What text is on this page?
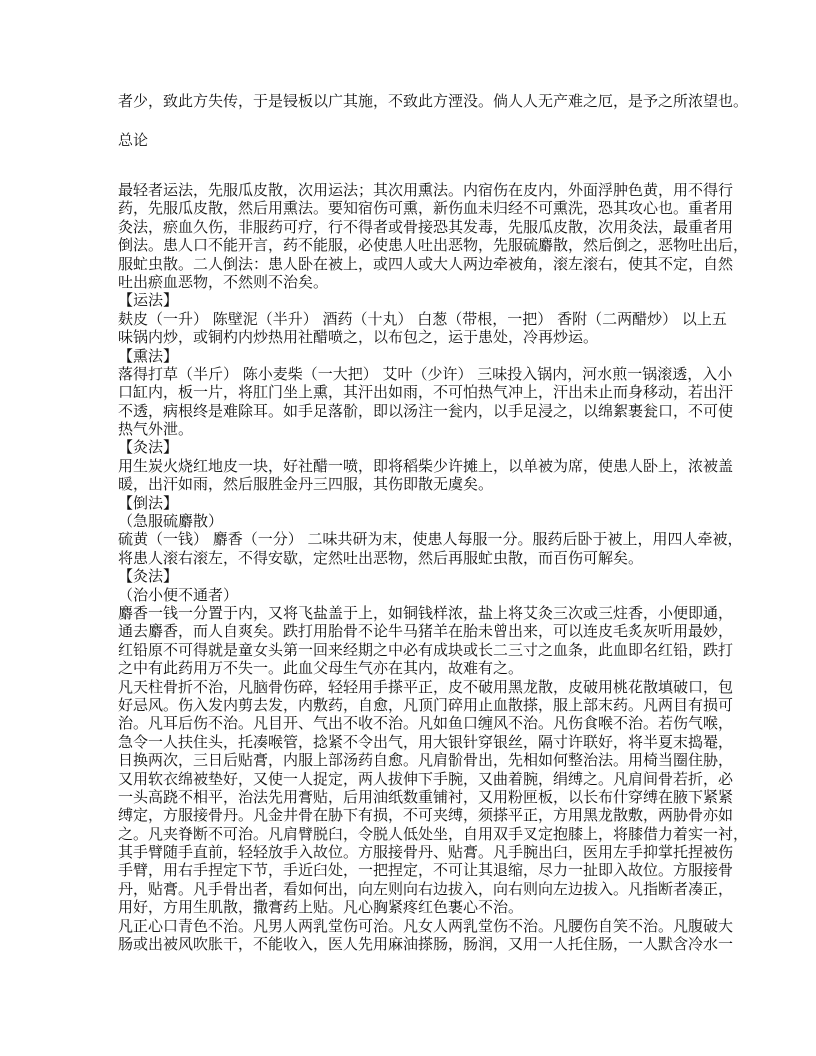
者少，致此方失传，于是锓板以广其施，不致此方湮没。倘人人无产难之厄，是予之所浓望也。
总论
最轻者运法，先服瓜皮散，次用运法；其次用熏法。内宿伤在皮内，外面浮肿色黄，用不得行
药，先服瓜皮散，然后用熏法。要知宿伤可熏，新伤血未归经不可熏洗，恐其攻心也。重者用
灸法，瘀血久伤，非服药可疗，行不得者或骨接恐其发毒，先服瓜皮散，次用灸法，最重者用
倒法。患人口不能开言，药不能服，必使患人吐出恶物，先服硫麝散，然后倒之，恶物吐出后，
服虻虫散。二人倒法：患人卧在被上，或四人或大人两边牵被角，滚左滚右，使其不定，自然
吐出瘀血恶物，不然则不治矣。
【运法】
麸皮（一升） 陈壁泥（半升） 酒药（十丸） 白葱（带根，一把） 香附（二两醋炒） 以上五
味锅内炒，或铜杓内炒热用社醋喷之，以布包之，运于患处，冷再炒运。
【熏法】
落得打草（半斤） 陈小麦柴（一大把） 艾叶（少许） 三味投入锅内，河水煎一锅滚透，入小
口缸内，板一片，将肛门坐上熏，其汗出如雨，不可怕热气冲上，汗出未止而身移动，若出汗
不透，病根终是难除耳。如手足落骱，即以汤注一瓮内，以手足浸之，以绵絮裹瓮口，不可使
热气外泄。
【灸法】
用生炭火烧红地皮一块，好社醋一喷，即将稻柴少许摊上，以单被为席，使患人卧上，浓被盖
暖，出汗如雨，然后服胜金丹三四服，其伤即散无虞矣。
【倒法】
（急服硫麝散）
硫黄（一钱） 麝香（一分） 二味共研为末，使患人每服一分。服药后卧于被上，用四人牵被，
将患人滚右滚左，不得安歇，定然吐出恶物，然后再服虻虫散，而百伤可解矣。
【灸法】
（治小便不通者）
麝香一钱一分置于内，又将飞盐盖于上，如铜钱样浓，盐上将艾灸三次或三炷香，小便即通，
通去麝香，而人自爽矣。跌打用胎骨不论牛马猪羊在胎未曾出来，可以连皮毛炙灰听用最妙，
红铅原不可得就是童女头第一回来经期之中必有成块或长二三寸之血条，此血即名红铅，跌打
之中有此药用万不失一。此血父母生气亦在其内，故难有之。
凡天柱骨折不治，凡脑骨伤碎，轻轻用手搽平正，皮不破用黑龙散，皮破用桃花散填破口，包
好忌风。伤入发内剪去发，内敷药，自愈，凡顶门碎用止血散搽，服上部末药。凡两目有损可
治。凡耳后伤不治。凡目开、气出不收不治。凡如鱼口缠风不治。凡伤食喉不治。若伤气喉，
急令一人扶住头，托凑喉管，捻紧不令出气，用大银针穿银丝，隔寸许联好，将半夏末捣罨，
日换两次，三日后贴膏，内服上部汤药自愈。凡肩骱骨出，先相如何整治法。用椅当圈住胁，
又用软衣绵被垫好，又使一人捉定，两人拔伸下手腕，又曲着腕，绢缚之。凡肩间骨若折，必
一头高跷不相平，治法先用膏贴，后用油纸数重铺衬，又用粉匣板，以长布什穿缚在腋下紧紧
缚定，方服接骨丹。凡金井骨在胁下有损，不可夹缚，须搽平正，方用黑龙散敷，两胁骨亦如
之。凡夹脊断不可治。凡肩臂脱臼，令脱人低处坐，自用双手叉定抱膝上，将膝借力着实一衬，
其手臂随手直前，轻轻放手入故位。方服接骨丹、贴膏。凡手腕出臼，医用左手抑掌托捏被伤
手臂，用右手捏定下节，手近臼处，一把捏定，不可让其退缩，尽力一扯即入故位。方服接骨
丹，贴膏。凡手骨出者，看如何出，向左则向右边拔入，向右则向左边拔入。凡指断者凑正，
用好，方用生肌散，撒膏药上贴。凡心胸紧疼红色裹心不治。
凡正心口青色不治。凡男人两乳堂伤可治。凡女人两乳堂伤不治。凡腰伤自笑不治。凡腹破大
肠或出被风吹胀干，不能收入，医人先用麻油搽肠，肠润，又用一人托住肠，一人默含冷水一
